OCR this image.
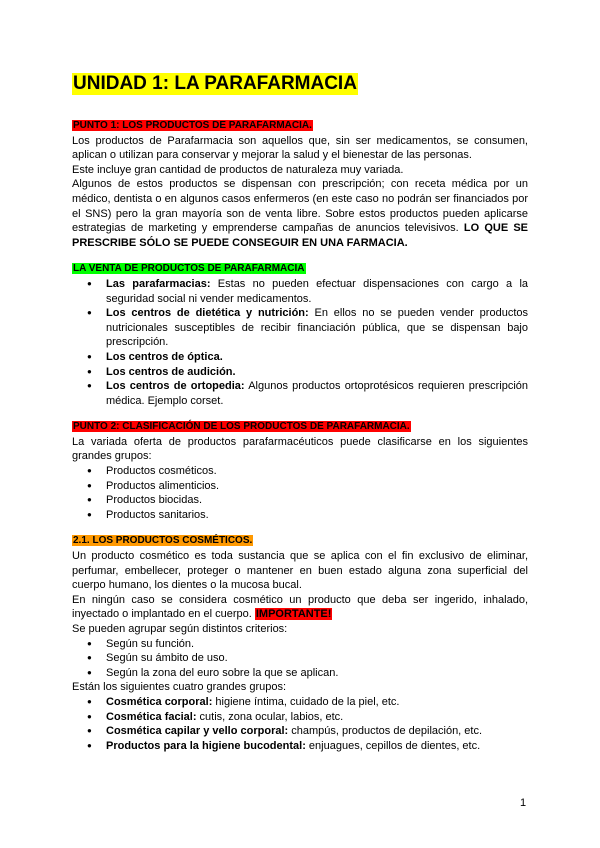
UNIDAD 1: LA PARAFARMACIA

PUNTO 1: LOS PRODUCTOS DE PARAFARMACIA.

Los productos de Parafarmacia son aquellos que, sin ser medicamentos, se consumen, aplican o utilizan para conservar y mejorar la salud y el bienestar de las personas.

Este incluye gran cantidad de productos de naturaleza muy variada.

Algunos de estos productos se dispensan con prescripción; con receta médica por un médico, dentista o en algunos casos enfermeros (en este caso no podrán ser financiados por el SNS) pero la gran mayoría son de venta libre. Sobre estos productos pueden aplicarse estrategias de marketing y emprenderse campañas de anuncios televisivos. LO QUE SE PRESCRIBE SÓLO SE PUEDE CONSEGUIR EN UNA FARMACIA.

LA VENTA DE PRODUCTOS DE PARAFARMACIA

● Las parafarmacias: Estas no pueden efectuar dispensaciones con cargo a la seguridad social ni vender medicamentos.
● Los centros de dietética y nutrición: En ellos no se pueden vender productos nutricionales susceptibles de recibir financiación pública, que se dispensan bajo prescripción.
● Los centros de óptica.
● Los centros de audición.
● Los centros de ortopedia: Algunos productos ortoprotésicos requieren prescripción médica. Ejemplo corset.

PUNTO 2: CLASIFICACIÓN DE LOS PRODUCTOS DE PARAFARMACIA.

La variada oferta de productos parafarmacéuticos puede clasificarse en los siguientes grandes grupos:

● Productos cosméticos.
● Productos alimenticios.
● Productos biocidas.
● Productos sanitarios.

2.1. LOS PRODUCTOS COSMÉTICOS.

Un producto cosmético es toda sustancia que se aplica con el fin exclusivo de eliminar, perfumar, embellecer, proteger o mantener en buen estado alguna zona superficial del cuerpo humano, los dientes o la mucosa bucal.

En ningún caso se considera cosmético un producto que deba ser ingerido, inhalado, inyectado o implantado en el cuerpo. IMPORTANTE!

Se pueden agrupar según distintos criterios:

● Según su función.
● Según su ámbito de uso.
● Según la zona del euro sobre la que se aplican.

Están los siguientes cuatro grandes grupos:

● Cosmética corporal: higiene íntima, cuidado de la piel, etc.
● Cosmética facial: cutis, zona ocular, labios, etc.
● Cosmética capilar y vello corporal: champús, productos de depilación, etc.
● Productos para la higiene bucodental: enjuagues, cepillos de dientes, etc.
1
